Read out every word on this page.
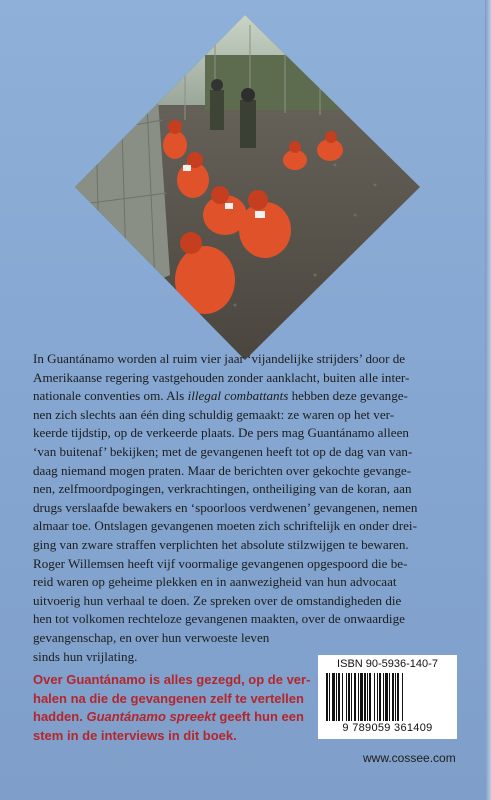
In Guantánamo worden al ruim vier jaar ‘vijandelijke strijders’ door de
Amerikaanse regering vastgehouden zonder aanklacht, buiten alle inter-
nationale conventies om. Als illegal combattants hebben deze gevange-
nen zich slechts aan één ding schuldig gemaakt: ze waren op het ver-
keerde tijdstip, op de verkeerde plaats. De pers mag Guantánamo alleen
‘van buitenaf’ bekijken; met de gevangenen heeft tot op de dag van van-
daag niemand mogen praten. Maar de berichten over gekochte gevange-
nen, zelfmoordpogingen, verkrachtingen, ontheiliging van de koran, aan
drugs verslaafde bewakers en ‘spoorloos verdwenen’ gevangenen, nemen
almaar toe. Ontslagen gevangenen moeten zich schriftelijk en onder drei-
ging van zware straffen verplichten het absolute stilzwijgen te bewaren.
Roger Willemsen heeft vijf voormalige gevangenen opgespoord die be-
reid waren op geheime plekken en in aanwezigheid van hun advocaat
uitvoerig hun verhaal te doen. Ze spreken over de omstandigheden die
hen tot volkomen rechteloze gevangenen maakten, over de onwaardige
gevangenschap, en over hun verwoeste leven
sinds hun vrijlating.
Over Guantánamo is alles gezegd, op de ver-
halen na die de gevangenen zelf te vertellen
hadden. Guantánamo spreekt geeft hun een
stem in de interviews in dit boek.
ISBN 90-5936-140-7
9 789059 361409
www.cossee.com
